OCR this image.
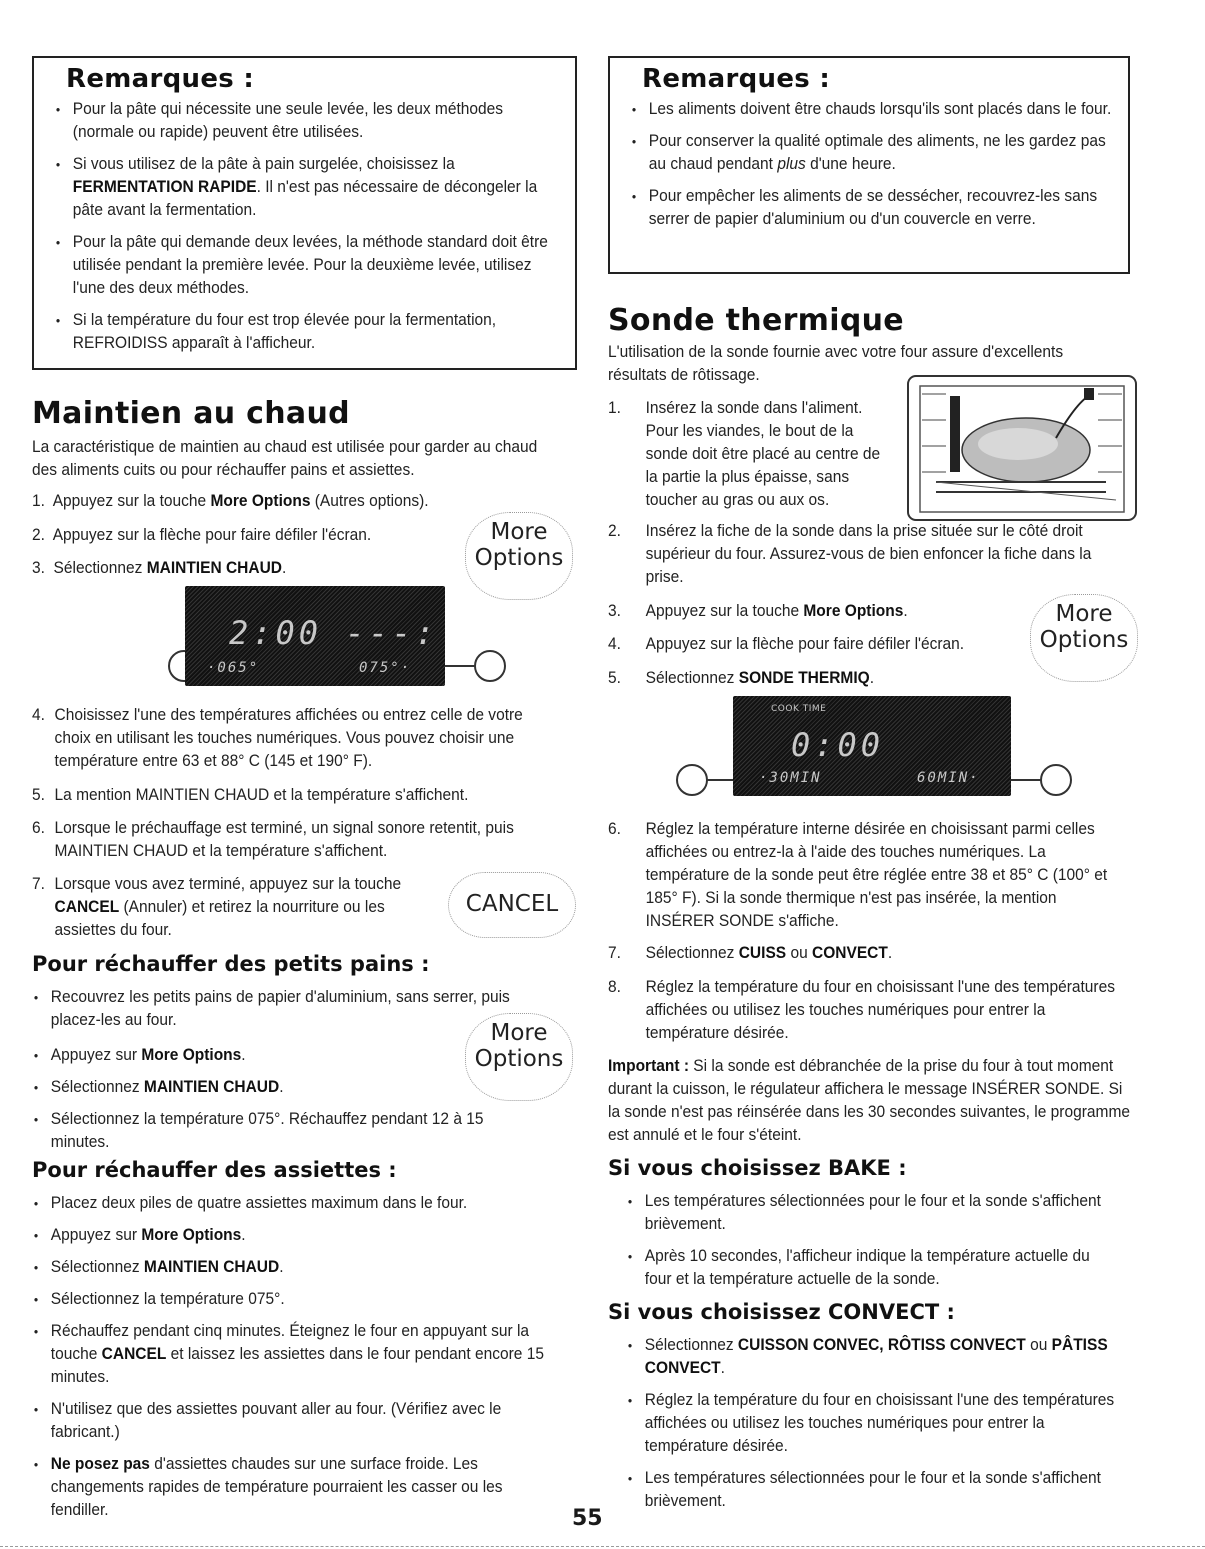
Remarques :
• Pour la pâte qui nécessite une seule levée, les deux méthodes (normale ou rapide) peuvent être utilisées.
• Si vous utilisez de la pâte à pain surgelée, choisissez la FERMENTATION RAPIDE. Il n'est pas nécessaire de décongeler la pâte avant la fermentation.
• Pour la pâte qui demande deux levées, la méthode standard doit être utilisée pendant la première levée. Pour la deuxième levée, utilisez l'une des deux méthodes.
• Si la température du four est trop élevée pour la fermentation, REFROIDISS apparaît à l'afficheur.
Maintien au chaud
La caractéristique de maintien au chaud est utilisée pour garder au chaud des aliments cuits ou pour réchauffer pains et assiettes.
1. Appuyez sur la touche More Options (Autres options).
2. Appuyez sur la flèche pour faire défiler l'écran.
3. Sélectionnez MAINTIEN CHAUD.
More
Options
2:00 ---:
·065°	075°·
4. Choisissez l'une des températures affichées ou entrez celle de votre choix en utilisant les touches numériques. Vous pouvez choisir une température entre 63 et 88° C (145 et 190° F).
5. La mention MAINTIEN CHAUD et la température s'affichent.
6. Lorsque le préchauffage est terminé, un signal sonore retentit, puis MAINTIEN CHAUD et la température s'affichent.
7. Lorsque vous avez terminé, appuyez sur la touche CANCEL (Annuler) et retirez la nourriture ou les assiettes du four.
CANCEL
Pour réchauffer des petits pains :
• Recouvrez les petits pains de papier d'aluminium, sans serrer, puis placez-les au four.
• Appuyez sur More Options.
• Sélectionnez MAINTIEN CHAUD.
• Sélectionnez la température 075°. Réchauffez pendant 12 à 15 minutes.
More
Options
Pour réchauffer des assiettes :
• Placez deux piles de quatre assiettes maximum dans le four.
• Appuyez sur More Options.
• Sélectionnez MAINTIEN CHAUD.
• Sélectionnez la température 075°.
• Réchauffez pendant cinq minutes. Éteignez le four en appuyant sur la touche CANCEL et laissez les assiettes dans le four pendant encore 15 minutes.
• N'utilisez que des assiettes pouvant aller au four. (Vérifiez avec le fabricant.)
• Ne posez pas d'assiettes chaudes sur une surface froide. Les changements rapides de température pourraient les casser ou les fendiller.
Remarques :
• Les aliments doivent être chauds lorsqu'ils sont placés dans le four.
• Pour conserver la qualité optimale des aliments, ne les gardez pas au chaud pendant plus d'une heure.
• Pour empêcher les aliments de se dessécher, recouvrez-les sans serrer de papier d'aluminium ou d'un couvercle en verre.
Sonde thermique
L'utilisation de la sonde fournie avec votre four assure d'excellents résultats de rôtissage.
1. Insérez la sonde dans l'aliment. Pour les viandes, le bout de la sonde doit être placé au centre de la partie la plus épaisse, sans toucher au gras ou aux os.
2. Insérez la fiche de la sonde dans la prise située sur le côté droit supérieur du four. Assurez-vous de bien enfoncer la fiche dans la prise.
3. Appuyez sur la touche More Options.
4. Appuyez sur la flèche pour faire défiler l'écran.
5. Sélectionnez SONDE THERMIQ.
More
Options
COOK TIME
0:00
·30MIN	60MIN·
6. Réglez la température interne désirée en choisissant parmi celles affichées ou entrez-la à l'aide des touches numériques. La température de la sonde peut être réglée entre 38 et 85° C (100° et 185° F). Si la sonde thermique n'est pas insérée, la mention INSÉRER SONDE s'affiche.
7. Sélectionnez CUISS ou CONVECT.
8. Réglez la température du four en choisissant l'une des températures affichées ou utilisez les touches numériques pour entrer la température désirée.
Important : Si la sonde est débranchée de la prise du four à tout moment durant la cuisson, le régulateur affichera le message INSÉRER SONDE. Si la sonde n'est pas réinsérée dans les 30 secondes suivantes, le programme est annulé et le four s'éteint.
Si vous choisissez BAKE :
• Les températures sélectionnées pour le four et la sonde s'affichent brièvement.
• Après 10 secondes, l'afficheur indique la température actuelle du four et la température actuelle de la sonde.
Si vous choisissez CONVECT :
• Sélectionnez CUISSON CONVEC, RÔTISS CONVECT ou PÂTISS CONVECT.
• Réglez la température du four en choisissant l'une des températures affichées ou utilisez les touches numériques pour entrer la température désirée.
• Les températures sélectionnées pour le four et la sonde s'affichent brièvement.
55
